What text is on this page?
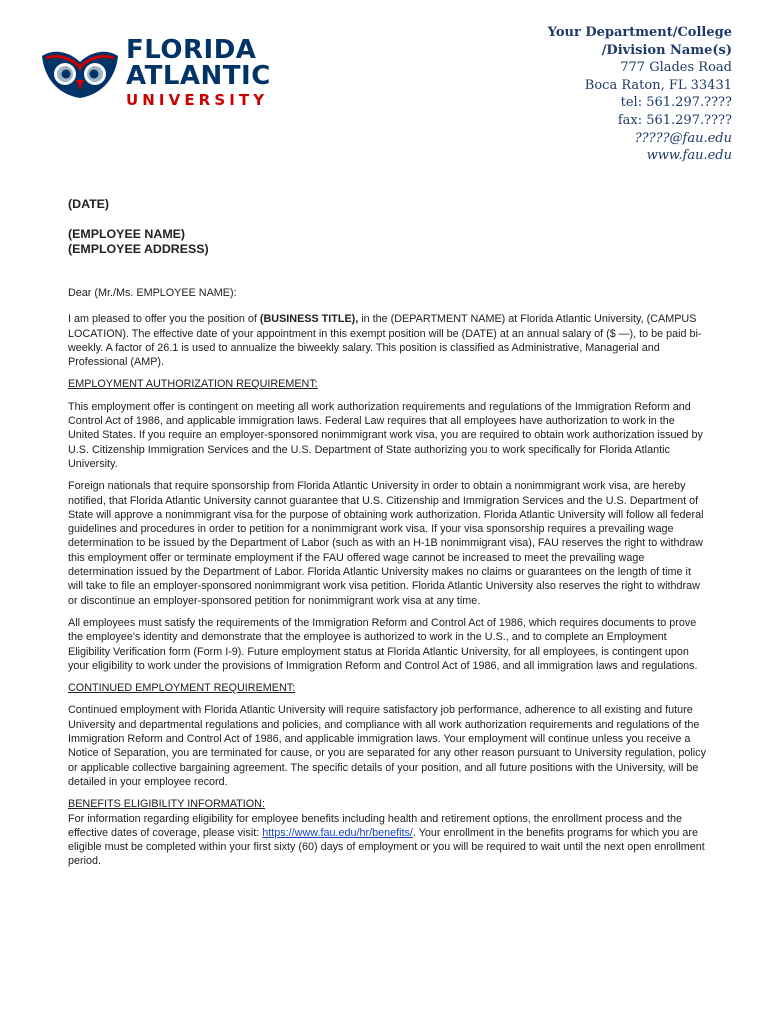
FLORIDA
ATLANTIC
UNIVERSITY
Your Department/College
/Division Name(s)
777 Glades Road
Boca Raton, FL 33431
tel: 561.297.????
fax: 561.297.????
?????@fau.edu
www.fau.edu

(DATE)

(EMPLOYEE NAME)

(EMPLOYEE ADDRESS)

Dear (Mr./Ms. EMPLOYEE NAME):

I am pleased to offer you the position of (BUSINESS TITLE), in the (DEPARTMENT NAME) at Florida Atlantic University, (CAMPUS LOCATION). The effective date of your appointment in this exempt position will be (DATE) at an annual salary of ($ —), to be paid bi-weekly. A factor of 26.1 is used to annualize the biweekly salary. This position is classified as Administrative, Managerial and Professional (AMP).

EMPLOYMENT AUTHORIZATION REQUIREMENT:

This employment offer is contingent on meeting all work authorization requirements and regulations of the Immigration Reform and Control Act of 1986, and applicable immigration laws. Federal Law requires that all employees have authorization to work in the United States. If you require an employer-sponsored nonimmigrant work visa, you are required to obtain work authorization issued by U.S. Citizenship Immigration Services and the U.S. Department of State authorizing you to work specifically for Florida Atlantic University.

Foreign nationals that require sponsorship from Florida Atlantic University in order to obtain a nonimmigrant work visa, are hereby notified, that Florida Atlantic University cannot guarantee that U.S. Citizenship and Immigration Services and the U.S. Department of State will approve a nonimmigrant visa for the purpose of obtaining work authorization. Florida Atlantic University will follow all federal guidelines and procedures in order to petition for a nonimmigrant work visa. If your visa sponsorship requires a prevailing wage determination to be issued by the Department of Labor (such as with an H-1B nonimmigrant visa), FAU reserves the right to withdraw this employment offer or terminate employment if the FAU offered wage cannot be increased to meet the prevailing wage determination issued by the Department of Labor. Florida Atlantic University makes no claims or guarantees on the length of time it will take to file an employer-sponsored nonimmigrant work visa petition. Florida Atlantic University also reserves the right to withdraw or discontinue an employer-sponsored petition for nonimmigrant work visa at any time.

All employees must satisfy the requirements of the Immigration Reform and Control Act of 1986, which requires documents to prove the employee's identity and demonstrate that the employee is authorized to work in the U.S., and to complete an Employment Eligibility Verification form (Form I-9). Future employment status at Florida Atlantic University, for all employees, is contingent upon your eligibility to work under the provisions of Immigration Reform and Control Act of 1986, and all immigration laws and regulations.

CONTINUED EMPLOYMENT REQUIREMENT:

Continued employment with Florida Atlantic University will require satisfactory job performance, adherence to all existing and future University and departmental regulations and policies, and compliance with all work authorization requirements and regulations of the Immigration Reform and Control Act of 1986, and applicable immigration laws. Your employment will continue unless you receive a Notice of Separation, you are terminated for cause, or you are separated for any other reason pursuant to University regulation, policy or applicable collective bargaining agreement. The specific details of your position, and all future positions with the University, will be detailed in your employee record.

BENEFITS ELIGIBILITY INFORMATION:

For information regarding eligibility for employee benefits including health and retirement options, the enrollment process and the effective dates of coverage, please visit: https://www.fau.edu/hr/benefits/. Your enrollment in the benefits programs for which you are eligible must be completed within your first sixty (60) days of employment or you will be required to wait until the next open enrollment period.
